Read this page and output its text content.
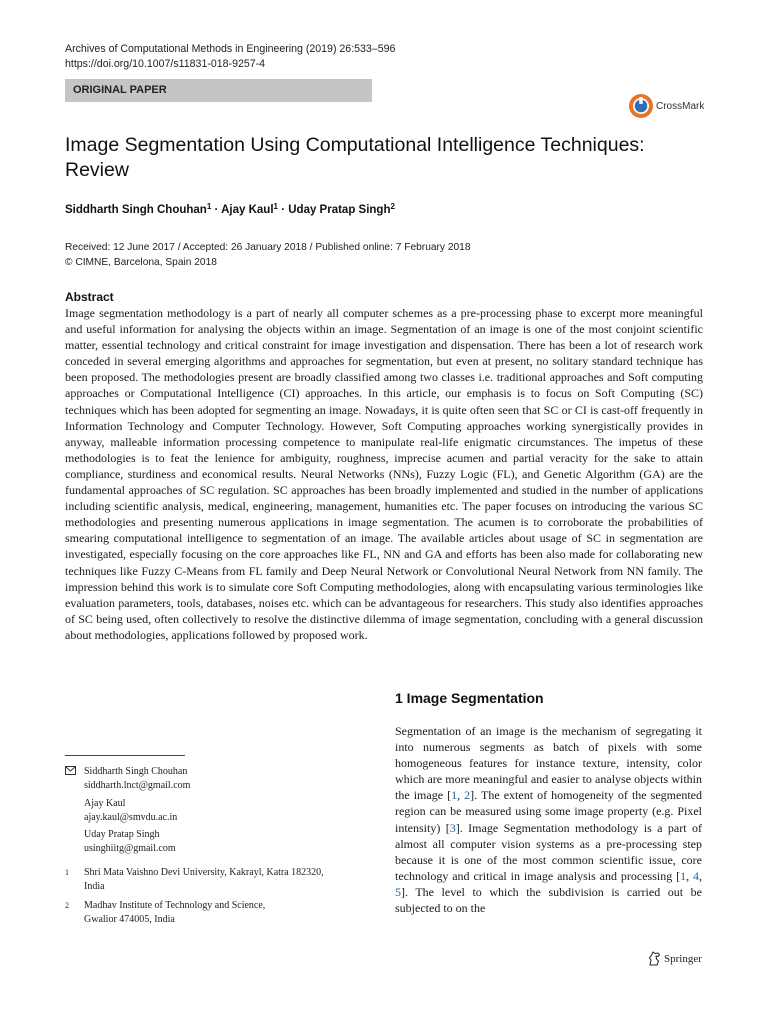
Archives of Computational Methods in Engineering (2019) 26:533–596
https://doi.org/10.1007/s11831-018-9257-4
ORIGINAL PAPER
CrossMark
Image Segmentation Using Computational Intelligence Techniques:
Review
Siddharth Singh Chouhan$^1$ · Ajay Kaul$^1$ · Uday Pratap Singh$^2$
Received: 12 June 2017 / Accepted: 26 January 2018 / Published online: 7 February 2018
© CIMNE, Barcelona, Spain 2018
Abstract
Image segmentation methodology is a part of nearly all computer schemes as a pre-processing phase to excerpt more meaningful and useful information for analysing the objects within an image. Segmentation of an image is one of the most conjoint scientific matter, essential technology and critical constraint for image investigation and dispensation. There has been a lot of research work conceded in several emerging algorithms and approaches for segmentation, but even at present, no solitary standard technique has been proposed. The methodologies present are broadly classified among two classes i.e. traditional approaches and Soft computing approaches or Computational Intelligence (CI) approaches. In this article, our emphasis is to focus on Soft Computing (SC) techniques which has been adopted for segmenting an image. Nowadays, it is quite often seen that SC or CI is cast-off frequently in Information Technology and Computer Technology. However, Soft Computing approaches working synergistically provides in anyway, malleable information processing competence to manipulate real-life enigmatic circumstances. The impetus of these methodologies is to feat the lenience for ambiguity, roughness, imprecise acumen and partial veracity for the sake to attain compliance, sturdiness and economical results. Neural Networks (NNs), Fuzzy Logic (FL), and Genetic Algorithm (GA) are the fundamental approaches of SC regulation. SC approaches has been broadly implemented and studied in the number of applications including scientific analysis, medical, engineering, management, humanities etc. The paper focuses on introducing the various SC methodologies and presenting numerous applications in image segmentation. The acumen is to corroborate the probabilities of smearing computational intelligence to segmentation of an image. The available articles about usage of SC in segmentation are investigated, especially focusing on the core approaches like FL, NN and GA and efforts has been also made for collaborating new techniques like Fuzzy C-Means from FL family and Deep Neural Network or Convolutional Neural Network from NN family. The impression behind this work is to simulate core Soft Computing methodologies, along with encapsulating various terminologies like evaluation parameters, tools, databases, noises etc. which can be advantageous for researchers. This study also identifies approaches of SC being used, often collectively to resolve the distinctive dilemma of image segmentation, concluding with a general discussion about methodologies, applications followed by proposed work.
1 Image Segmentation
Segmentation of an image is the mechanism of segregating it into numerous segments as batch of pixels with some homogeneous features for instance texture, intensity, color which are more meaningful and easier to analyse objects within the image [1, 2]. The extent of homogeneity of the segmented region can be measured using some image property (e.g. Pixel intensity) [3]. Image Segmentation methodology is a part of almost all computer vision systems as a pre-processing step because it is one of the most common scientific issue, core technology and critical in image analysis and processing [1, 4, 5]. The level to which the subdivision is carried out be subjected to on the
Siddharth Singh Chouhan
siddharth.lnct@gmail.com
Ajay Kaul
ajay.kaul@smvdu.ac.in
Uday Pratap Singh
usinghiitg@gmail.com
1 Shri Mata Vaishno Devi University, Kakrayl, Katra 182320,
India
2 Madhav Institute of Technology and Science,
Gwalior 474005, India
Springer
